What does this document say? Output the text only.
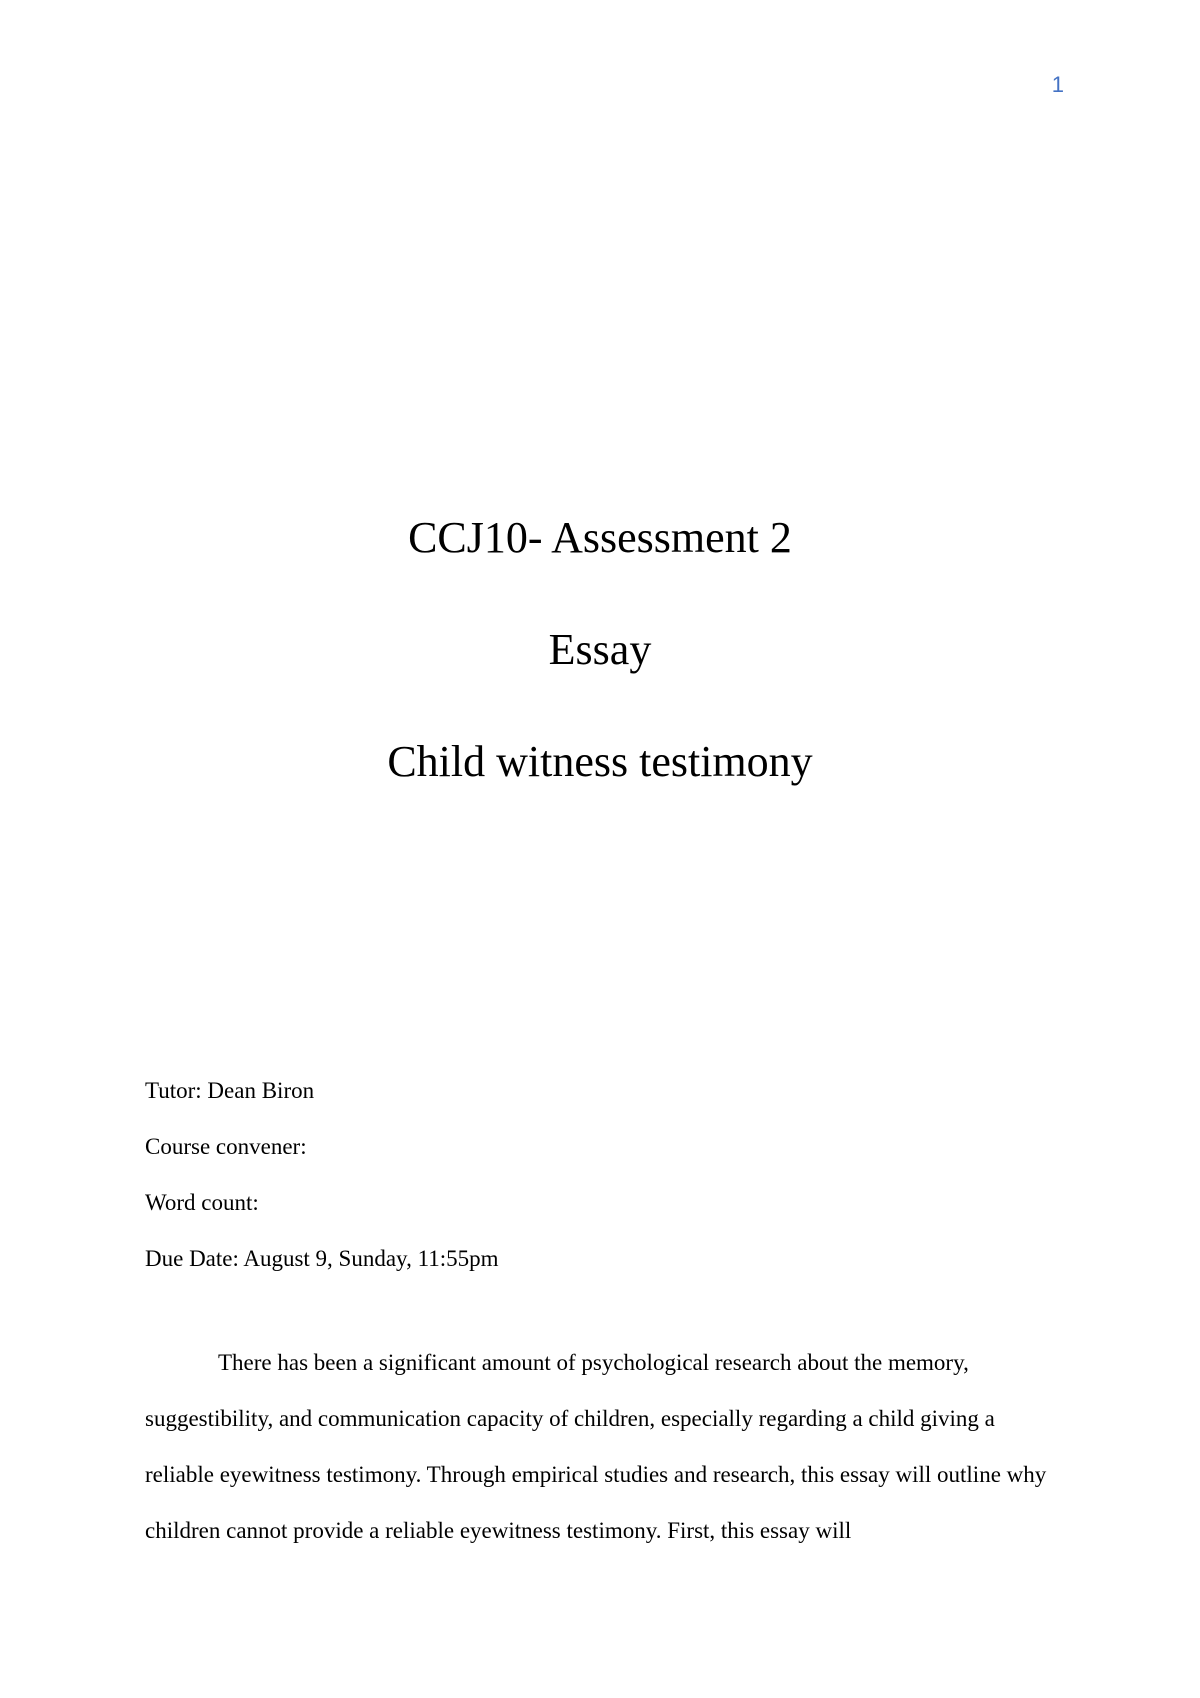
1
CCJ10- Assessment 2
Essay
Child witness testimony

Tutor: Dean Biron

Course convener:

Word count:

Due Date: August 9, Sunday, 11:55pm

There has been a significant amount of psychological research about the memory, suggestibility, and communication capacity of children, especially regarding a child giving a reliable eyewitness testimony. Through empirical studies and research, this essay will outline why children cannot provide a reliable eyewitness testimony. First, this essay will
